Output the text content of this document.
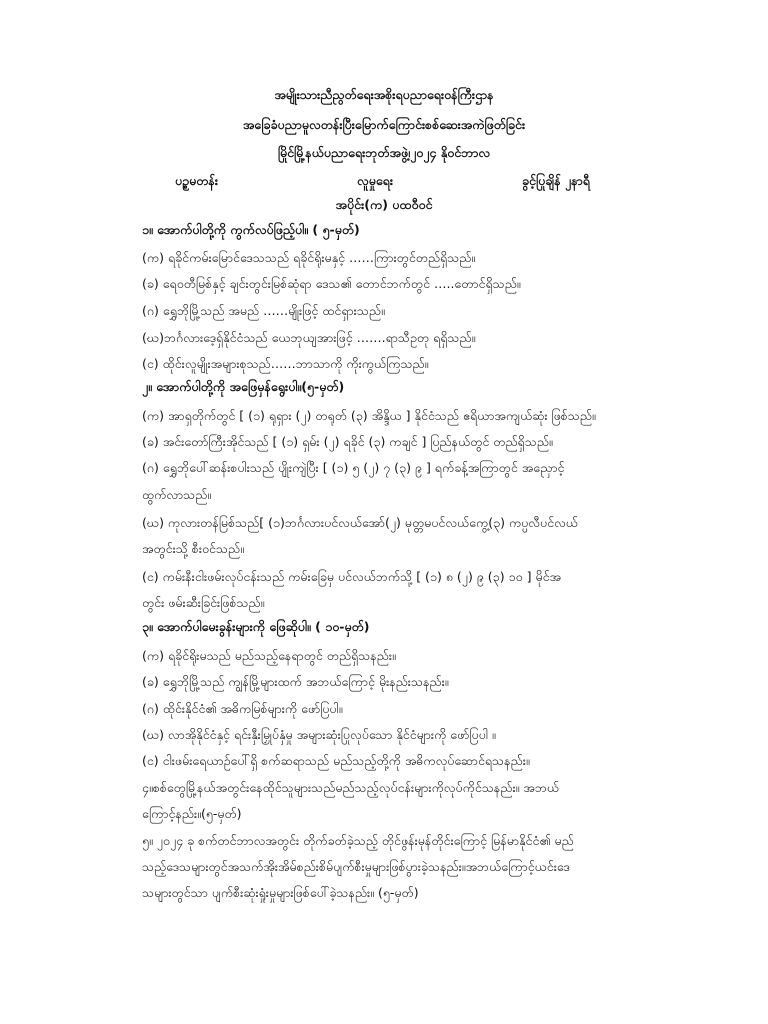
အမျိုးသားညီညွတ်ရေးအစိုးရပညာရေးဝန်ကြီးဌာန
အခြေခံပညာမူလတန်းပြီးမြောက်ကြောင်းစစ်ဆေးအကဲဖြတ်ခြင်း
မြိုင်မြို့နယ်ပညာရေးဘုတ်အဖွဲ့၊၂၀၂၄ နိုဝင်ဘာလ
ပဉ္စမတန်း	လူမှုရေး	ခွင့်ပြုချိန် ၂နာရီ
အပိုင်း(က) ပထဝီဝင်
၁။ အောက်ပါတို့ကို ကွက်လပ်ဖြည့်ပါ။ ( ၅-မှတ်)
(က) ရခိုင်ကမ်းမြောင်ဒေသသည် ရခိုင်ရိုးမနှင့် ……ကြားတွင်တည်ရှိသည်။
(ခ) ရေဝတီမြစ်နှင့် ချင်းတွင်းမြစ်ဆုံရာ ဒေသ၏ တောင်ဘက်တွင် …..တောင်ရှိသည်။
(ဂ) ရွှေဘိုမြို့သည် အမည် ……မျိုးဖြင့် ထင်ရှားသည်။
(ဃ)ဘင်္ဂလားဒေ့ရှ်နိုင်ငံသည် ယေဘုယျအားဖြင့် …….ရာသီဥတု ရရှိသည်။
(င) ထိုင်းလူမျိုးအများစုသည်……ဘာသာကို ကိုးကွယ်ကြသည်။
၂။ အောက်ပါတို့ကို အဖြေမှန်ရွေးပါ။(၅-မှတ်)
(က) အာရှတိုက်တွင် [ (၁) ရုရှား (၂) တရုတ် (၃) အိန္ဒိယ ] နိုင်ငံသည် ဧရိယာအကျယ်ဆုံး ဖြစ်သည်။
(ခ) အင်းတော်ကြီးအိုင်သည် [ (၁) ရှမ်း (၂) ရခိုင် (၃) ကချင် ] ပြည်နယ်တွင် တည်ရှိသည်။
(ဂ) ရွှေဘိုပေါ်ဆန်းစပါးသည် ပျိုးကျဲပြီး [ (၁) ၅ (၂) ၇ (၃) ၉ ] ရက်ခန့်အကြာတွင် အညှောင့်
ထွက်လာသည်။
(ဃ) ကုလားတန်မြစ်သည်[ (၁)ဘင်္ဂလားပင်လယ်အော်(၂) မုတ္တမပင်လယ်ကွေ့(၃) ကပ္ပလီပင်လယ်
အတွင်းသို့ စီးဝင်သည်။
(င) ကမ်းနီးငါးဖမ်းလုပ်ငန်းသည် ကမ်းခြေမှ ပင်လယ်ဘက်သို့ [ (၁) ၈ (၂) ၉ (၃) ၁၀ ] မိုင်အ
တွင်း ဖမ်းဆီးခြင်းဖြစ်သည်။
၃။ အောက်ပါမေးခွန်းများကို ဖြေဆိုပါ။ ( ၁၀-မှတ်)
(က) ရခိုင်ရိုးမသည် မည်သည့်နေရာတွင် တည်ရှိသနည်း။
(ခ) ရွှေဘိုမြို့သည် ကျွန်မြို့များထက် အဘယ်ကြောင့် မိုးနည်းသနည်း။
(ဂ) ထိုင်းနိုင်ငံ၏ အဓိကမြစ်များကို ဖော်ပြပါ။
(ဃ) လာအိုနိုင်ငံနှင့် ရင်းနှီးမြှုပ်နှံမှု အများဆုံးပြုလုပ်သော နိုင်ငံများကို ဖော်ပြပါ ။
(င) ငါးဖမ်းရေယာဉ်ပေါ်ရှိ စက်ဆရာသည် မည်သည့်တို့ကို အဓိကလုပ်ဆောင်ရသနည်း။
၄။စစ်တွေမြို့နယ်အတွင်းနေထိုင်သူများသည်မည်သည့်လုပ်ငန်းများကိုလုပ်ကိုင်သနည်း။ အဘယ်
ကြောင့်နည်း။(၅-မှတ်)
၅။ ၂၀၂၄ ခု စက်တင်ဘာလအတွင်း တိုက်ခတ်ခဲ့သည့် တိုင်ဖွန်းမုန်တိုင်းကြောင့် မြန်မာနိုင်ငံ၏ မည်
သည့်ဒေသများတွင်အသက်အိုးအိမ်စည်းစိမ်ပျက်စီးမှုများဖြစ်ပွားခဲ့သနည်း။အဘယ်ကြောင့်ယင်းဒေ
သများတွင်သာ ပျက်စီးဆုံးရှုံးမှုများဖြစ်ပေါ်ခဲ့သနည်း။ (၅-မှတ်)
